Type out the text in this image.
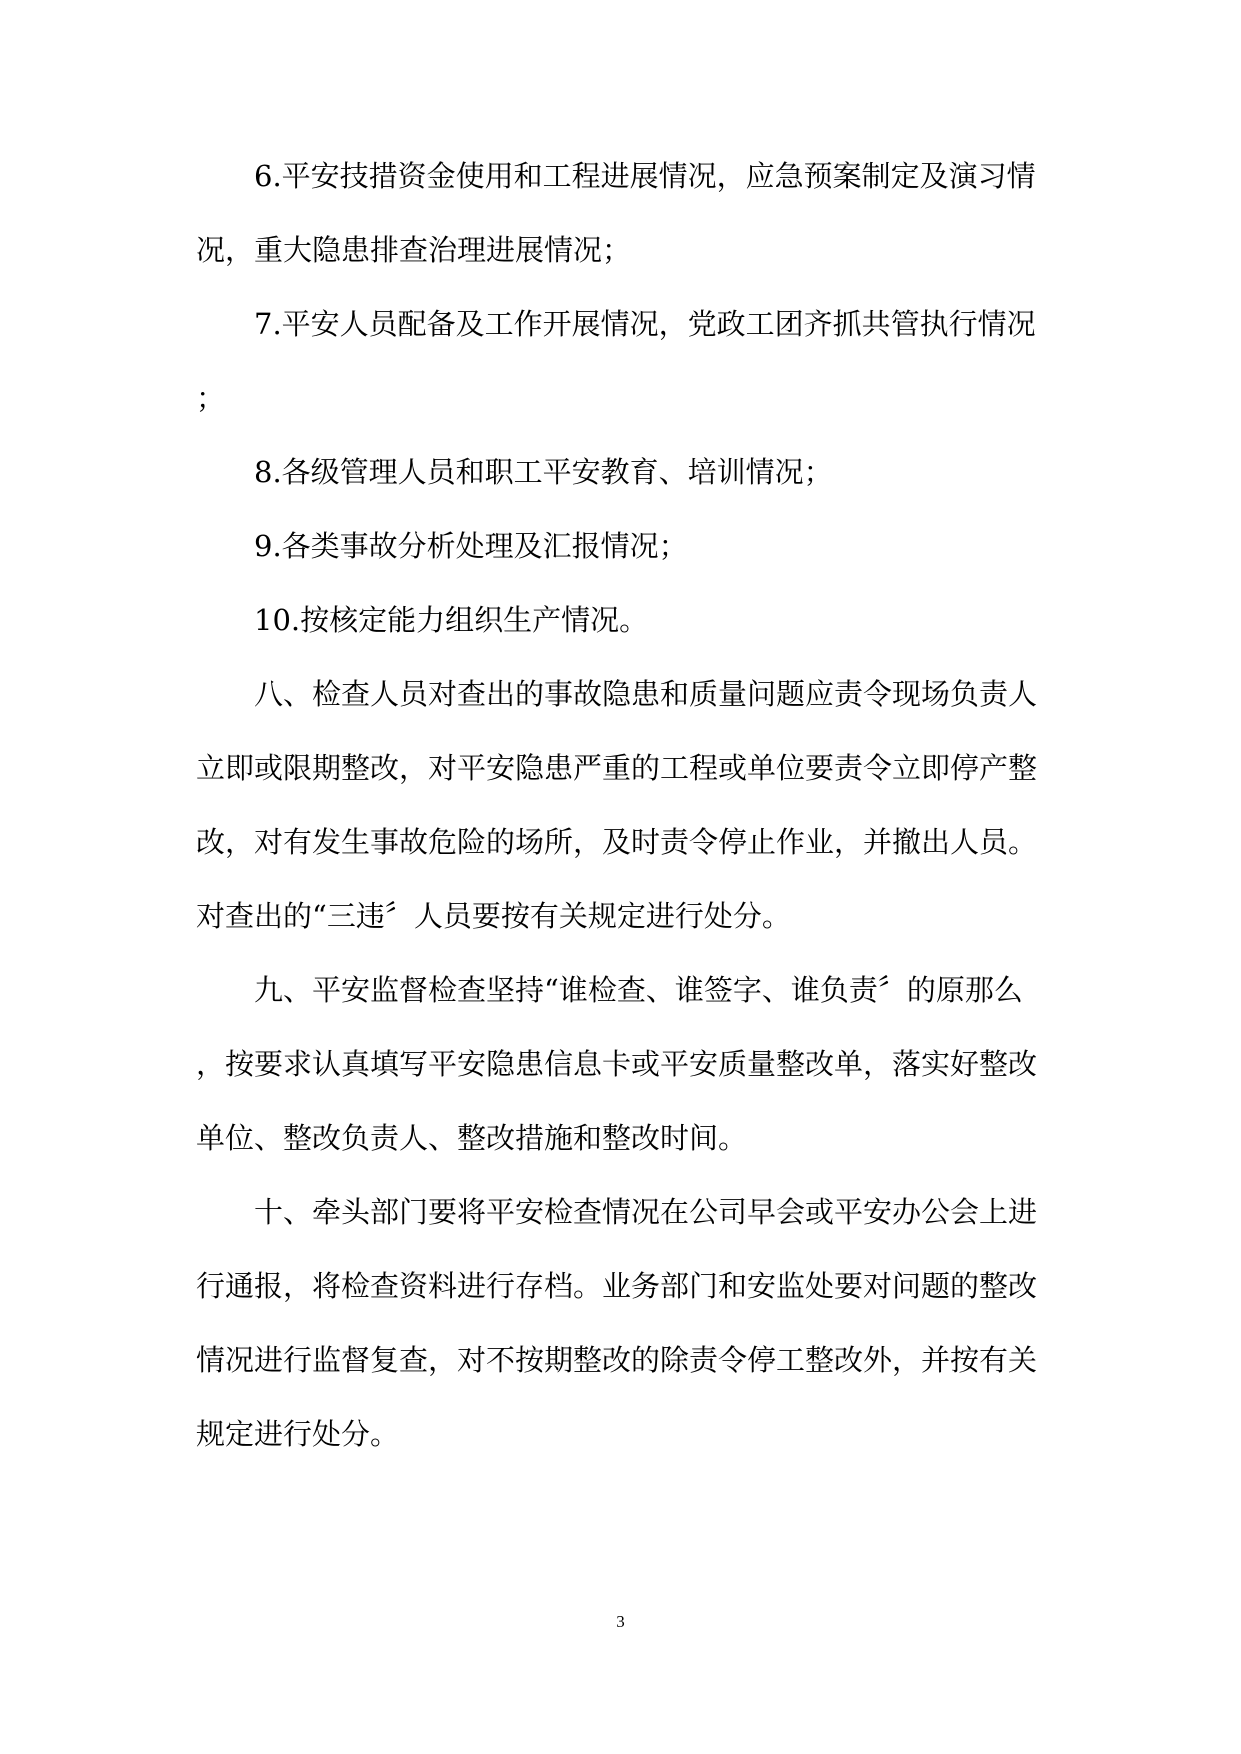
6.平安技措资金使用和工程进展情况，应急预案制定及演习情
况，重大隐患排查治理进展情况；
7.平安人员配备及工作开展情况，党政工团齐抓共管执行情况
；
8.各级管理人员和职工平安教育、培训情况；
9.各类事故分析处理及汇报情况；
10.按核定能力组织生产情况。
八、检查人员对查出的事故隐患和质量问题应责令现场负责人
立即或限期整改，对平安隐患严重的工程或单位要责令立即停产整
改，对有发生事故危险的场所，及时责令停止作业，并撤出人员。
对查出的“三违〞人员要按有关规定进行处分。
九、平安监督检查坚持“谁检查、谁签字、谁负责〞的原那么
，按要求认真填写平安隐患信息卡或平安质量整改单，落实好整改
单位、整改负责人、整改措施和整改时间。
十、牵头部门要将平安检查情况在公司早会或平安办公会上进
行通报，将检查资料进行存档。业务部门和安监处要对问题的整改
情况进行监督复查，对不按期整改的除责令停工整改外，并按有关
规定进行处分。
3
